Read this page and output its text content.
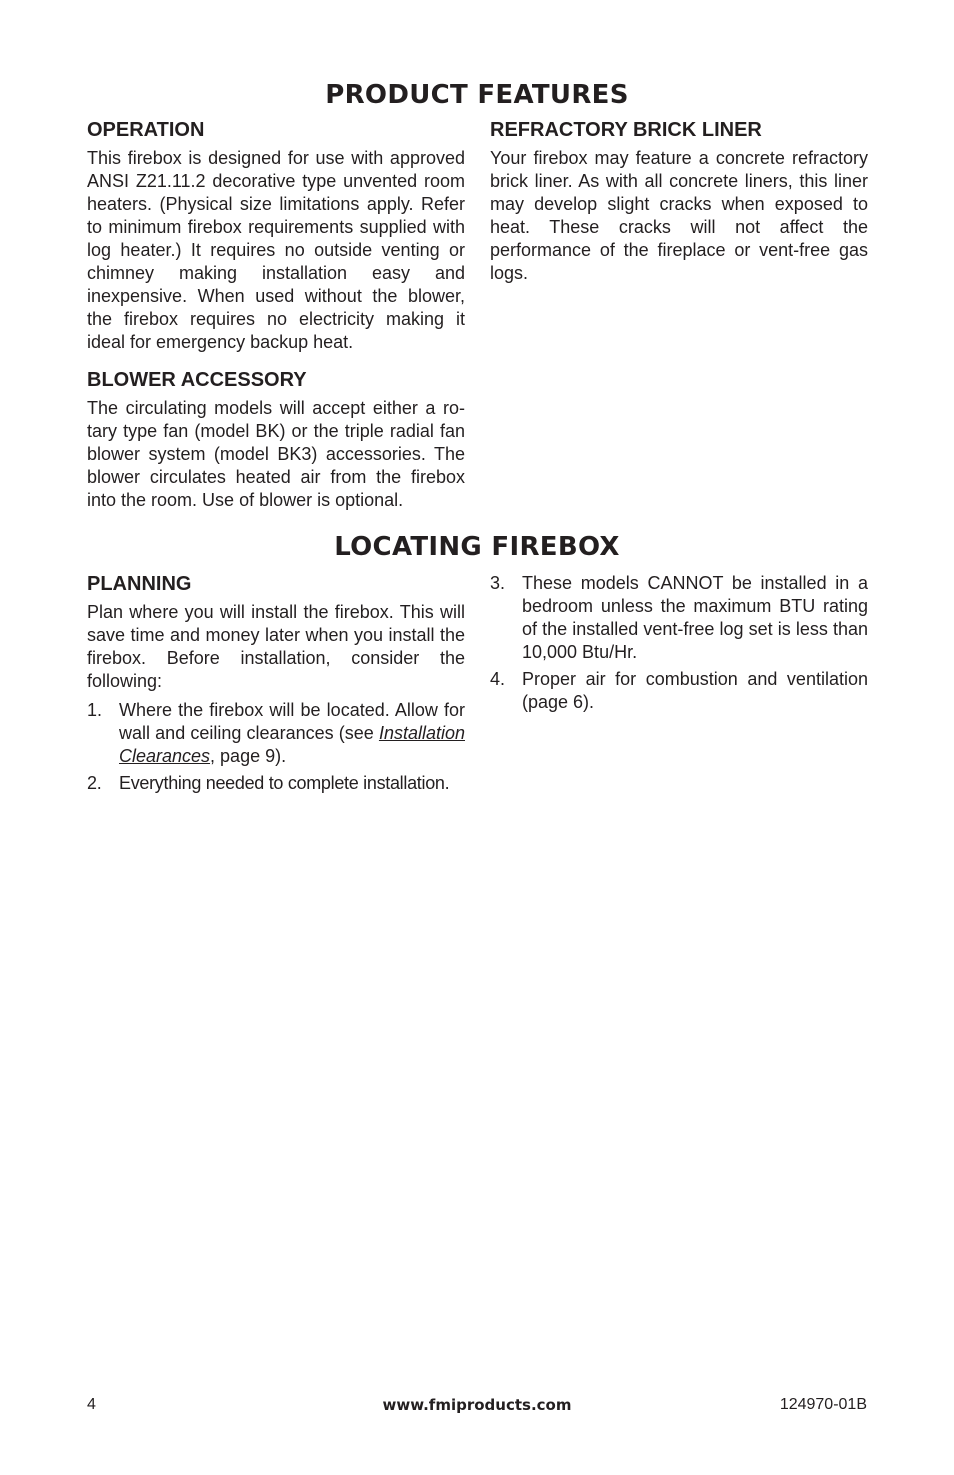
PRODUCT FEATURES
OPERATION

This firebox is designed for use with approved ANSI Z21.11.2 decorative type unvented room heaters. (Physical size limitations apply. Refer to minimum firebox requirements supplied with log heater.) It requires no outside venting or chimney making installation easy and inexpensive. When used without the blower, the firebox requires no electricity making it ideal for emergency backup heat.

BLOWER ACCESSORY

The circulating models will accept either a rotary type fan (model BK) or the triple radial fan blower system (model BK3) accessories. The blower circulates heated air from the firebox into the room. Use of blower is optional.

REFRACTORY BRICK LINER

Your firebox may feature a concrete refractory brick liner. As with all concrete liners, this liner may develop slight cracks when exposed to heat. These cracks will not affect the performance of the fireplace or vent-free gas logs.

LOCATING FIREBOX
PLANNING

Plan where you will install the firebox. This will save time and money later when you install the firebox. Before installation, consider the following:

1. Where the firebox will be located. Allow for wall and ceiling clearances (see Installation Clearances, page 9).
2. Everything needed to complete installation.
3. These models CANNOT be installed in a bedroom unless the maximum BTU rating of the installed vent-free log set is less than 10,000 Btu/Hr.
4. Proper air for combustion and ventilation (page 6).
4	www.fmiproducts.com	124970-01B
